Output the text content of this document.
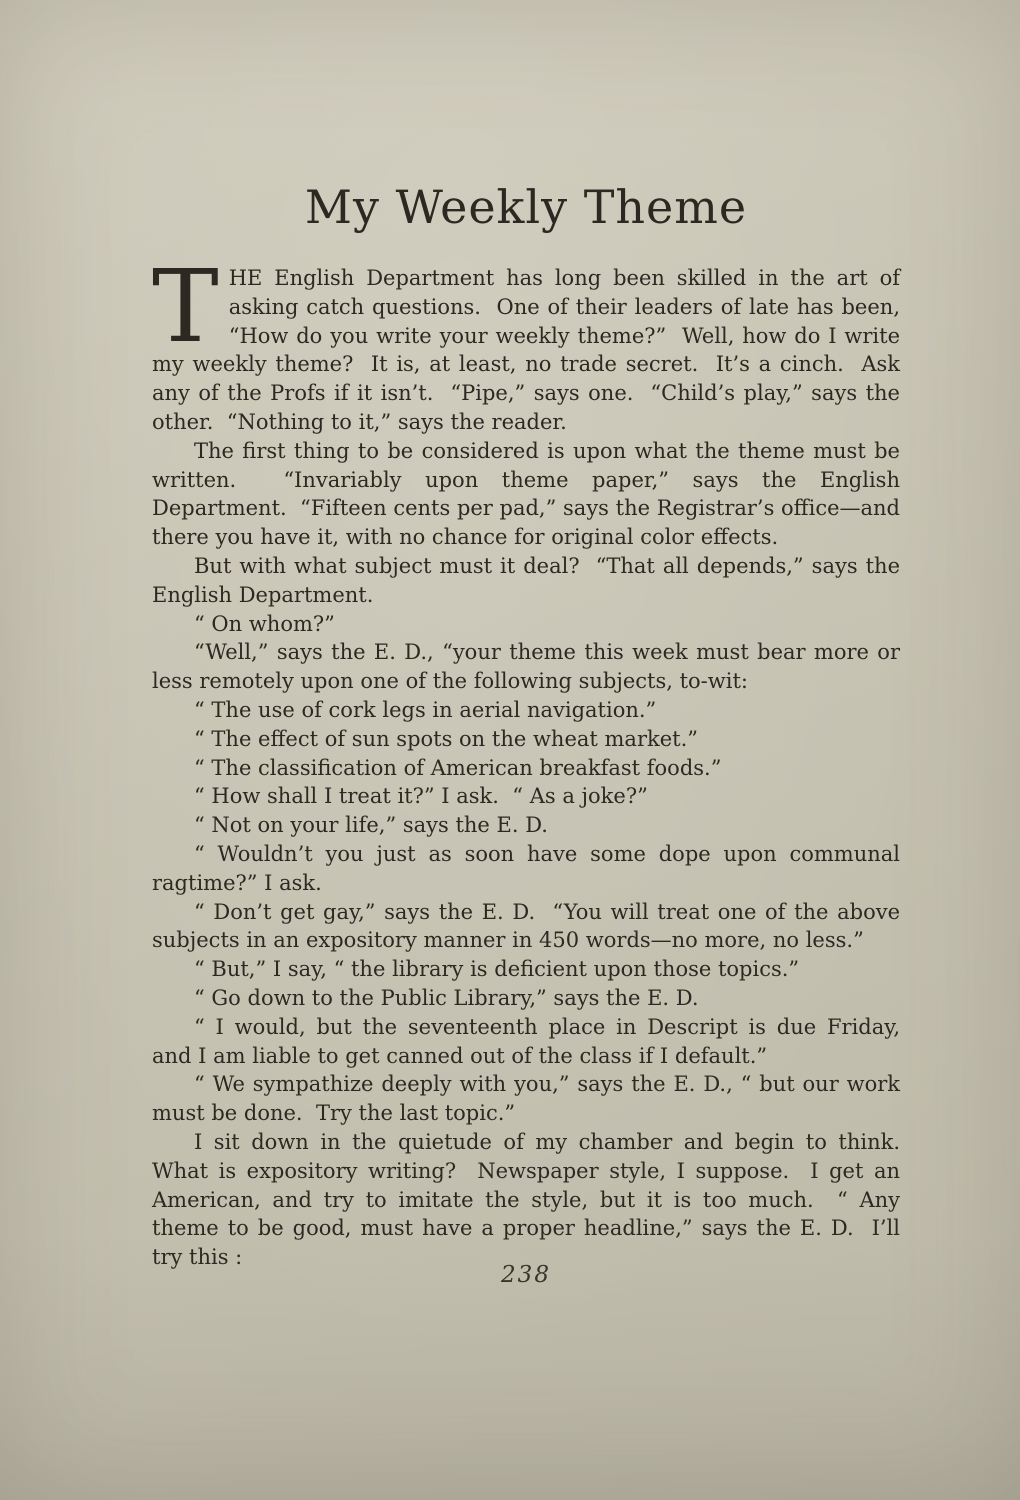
My Weekly Theme

THE English Department has long been skilled in the art of asking catch questions.  One of their leaders of late has been, “How do you write your weekly theme?”  Well, how do I write my weekly theme?  It is, at least, no trade secret.  It’s a cinch.  Ask any of the Profs if it isn’t.  “Pipe,” says one.  “Child’s play,” says the other.  “Nothing to it,” says the reader.

The first thing to be considered is upon what the theme must be written.  “Invariably upon theme paper,” says the English Department.  “Fifteen cents per pad,” says the Registrar’s office—and there you have it, with no chance for original color effects.

But with what subject must it deal?  “That all depends,” says the English Department.

“ On whom?”

“Well,” says the E. D., “your theme this week must bear more or less remotely upon one of the following subjects, to-wit:

“ The use of cork legs in aerial navigation.”

“ The effect of sun spots on the wheat market.”

“ The classification of American breakfast foods.”

“ How shall I treat it?” I ask.  “ As a joke?”

“ Not on your life,” says the E. D.

“ Wouldn’t you just as soon have some dope upon communal ragtime?” I ask.

“ Don’t get gay,” says the E. D.  “You will treat one of the above subjects in an expository manner in 450 words—no more, no less.”

“ But,” I say, “ the library is deficient upon those topics.”

“ Go down to the Public Library,” says the E. D.

“ I would, but the seventeenth place in Descript is due Friday, and I am liable to get canned out of the class if I default.”

“ We sympathize deeply with you,” says the E. D., “ but our work must be done.  Try the last topic.”

I sit down in the quietude of my chamber and begin to think.  What is expository writing?  Newspaper style, I suppose.  I get an American, and try to imitate the style, but it is too much.  “ Any theme to be good, must have a proper headline,” says the E. D.  I’ll try this :

238
